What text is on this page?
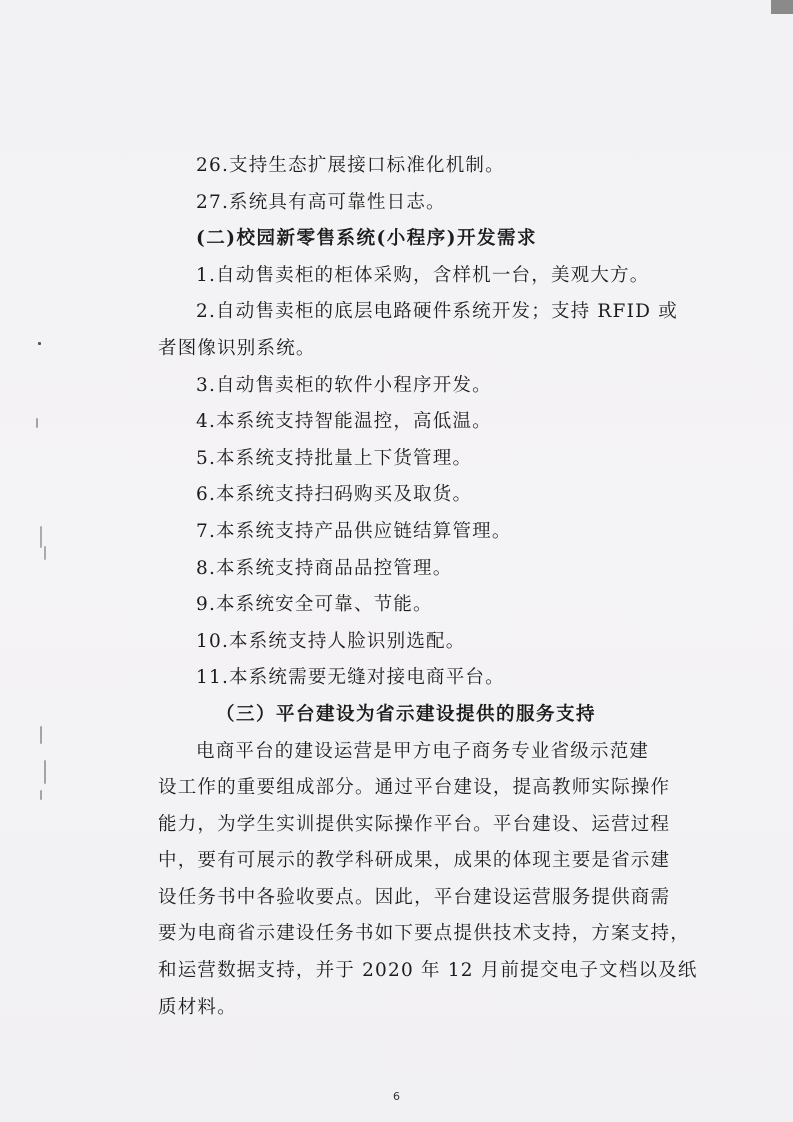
26.支持生态扩展接口标准化机制。
27.系统具有高可靠性日志。
(二)校园新零售系统(小程序)开发需求
1.自动售卖柜的柜体采购，含样机一台，美观大方。
2.自动售卖柜的底层电路硬件系统开发；支持 RFID 或
者图像识别系统。
3.自动售卖柜的软件小程序开发。
4.本系统支持智能温控，高低温。
5.本系统支持批量上下货管理。
6.本系统支持扫码购买及取货。
7.本系统支持产品供应链结算管理。
8.本系统支持商品品控管理。
9.本系统安全可靠、节能。
10.本系统支持人脸识别选配。
11.本系统需要无缝对接电商平台。
（三）平台建设为省示建设提供的服务支持
电商平台的建设运营是甲方电子商务专业省级示范建
设工作的重要组成部分。通过平台建设，提高教师实际操作
能力，为学生实训提供实际操作平台。平台建设、运营过程
中，要有可展示的教学科研成果，成果的体现主要是省示建
设任务书中各验收要点。因此，平台建设运营服务提供商需
要为电商省示建设任务书如下要点提供技术支持，方案支持，
和运营数据支持，并于 2020 年 12 月前提交电子文档以及纸
质材料。
6
